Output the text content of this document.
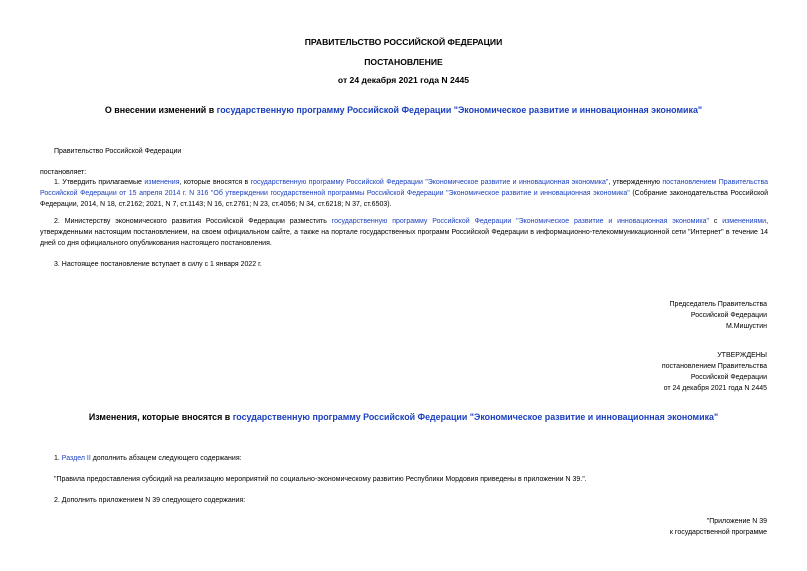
ПРАВИТЕЛЬСТВО РОССИЙСКОЙ ФЕДЕРАЦИИ
ПОСТАНОВЛЕНИЕ
от 24 декабря 2021 года N 2445
О внесении изменений в государственную программу Российской Федерации "Экономическое развитие и инновационная экономика"
Правительство Российской Федерации
постановляет:

1. Утвердить прилагаемые изменения, которые вносятся в государственную программу Российской Федерации "Экономическое развитие и инновационная экономика", утвержденную постановлением Правительства Российской Федерации от 15 апреля 2014 г. N 316 "Об утверждении государственной программы Российской Федерации "Экономическое развитие и инновационная экономика" (Собрание законодательства Российской Федерации, 2014, N 18, ст.2162; 2021, N 7, ст.1143; N 16, ст.2761; N 23, ст.4056; N 34, ст.6218; N 37, ст.6503).

2. Министерству экономического развития Российской Федерации разместить государственную программу Российской Федерации "Экономическое развитие и инновационная экономика" с изменениями, утвержденными настоящим постановлением, на своем официальном сайте, а также на портале государственных программ Российской Федерации в информационно-телекоммуникационной сети "Интернет" в течение 14 дней со дня официального опубликования настоящего постановления.

3. Настоящее постановление вступает в силу с 1 января 2022 г.
Председатель Правительства
Российской Федерации
М.Мишустин
УТВЕРЖДЕНЫ
постановлением Правительства
Российской Федерации
от 24 декабря 2021 года N 2445
Изменения, которые вносятся в государственную программу Российской Федерации "Экономическое развитие и инновационная экономика"
1. Раздел II дополнить абзацем следующего содержания:
"Правила предоставления субсидий на реализацию мероприятий по социально-экономическому развитию Республики Мордовия приведены в приложении N 39.".
2. Дополнить приложением N 39 следующего содержания:
"Приложение N 39
к государственной программе
